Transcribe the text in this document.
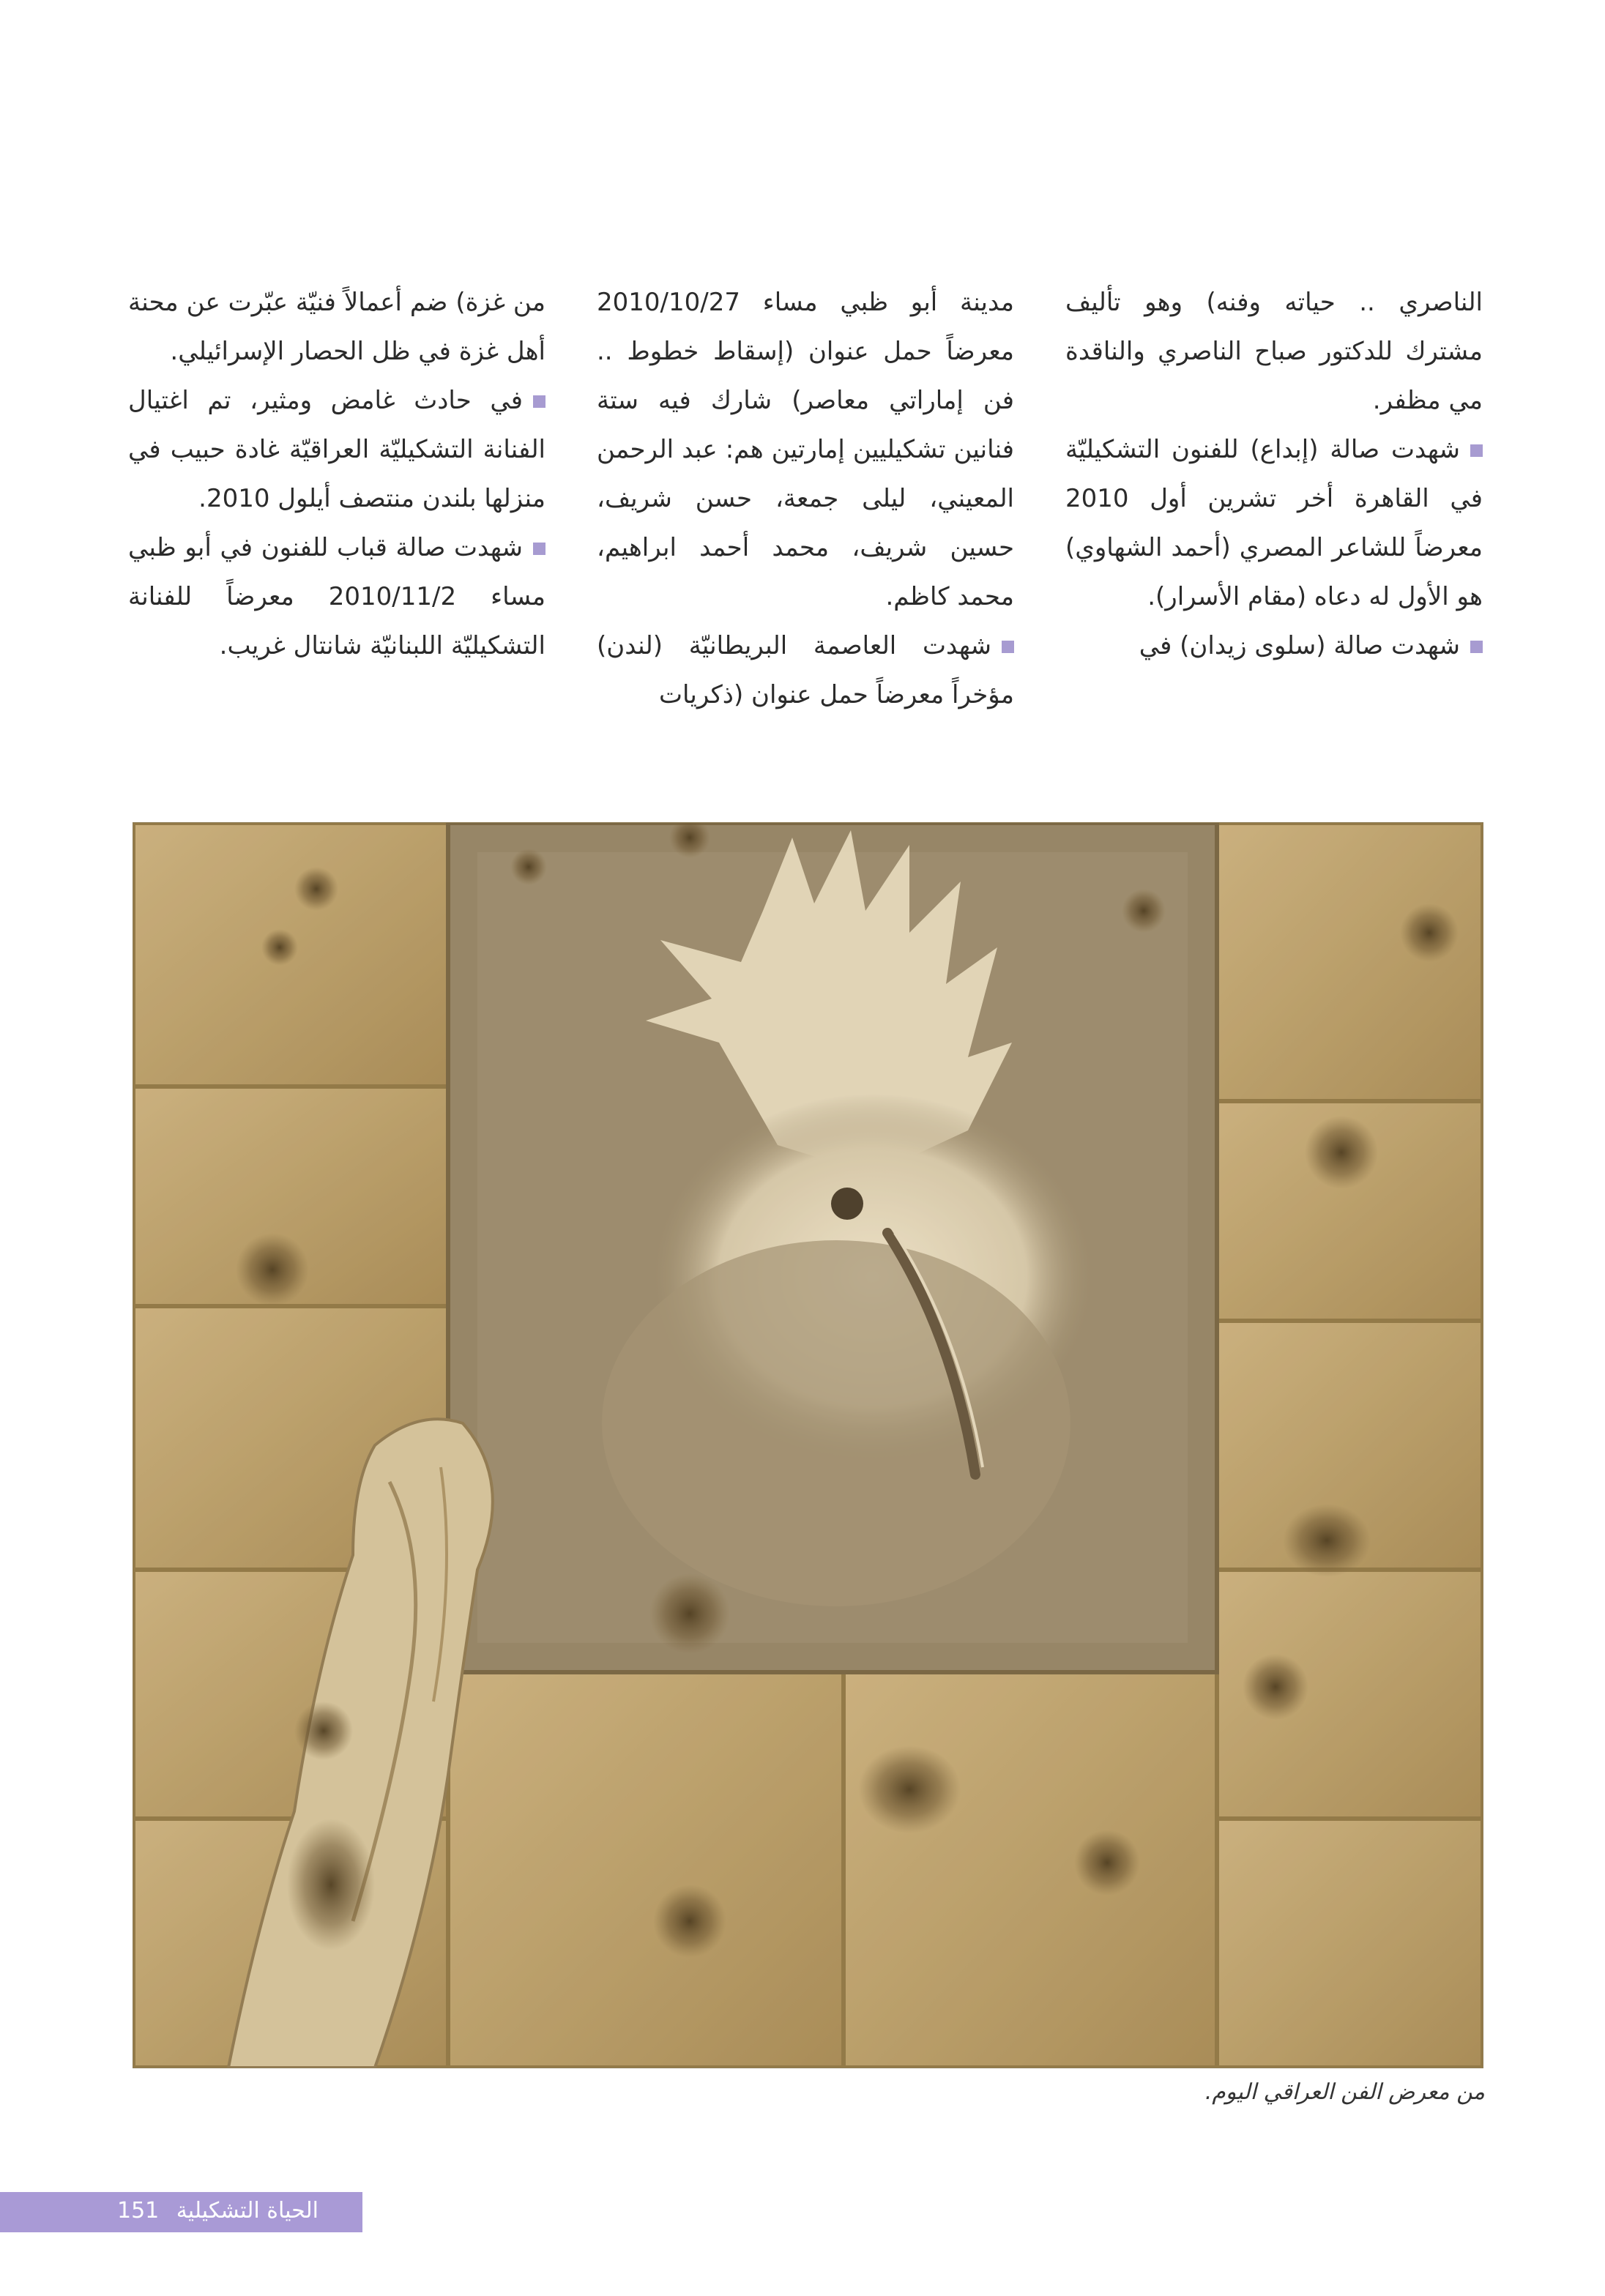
الناصري .. حياته وفنه) وهو تأليف مشترك للدكتور صباح الناصري والناقدة مي مظفر.

شهدت صالة (إبداع) للفنون التشكيليّة في القاهرة أخر تشرين أول 2010 معرضاً للشاعر المصري (أحمد الشهاوي) هو الأول له دعاه (مقام الأسرار).

شهدت صالة (سلوى زيدان) في

مدينة أبو ظبي مساء 2010/10/27 معرضاً حمل عنوان (إسقاط خطوط .. فن إماراتي معاصر) شارك فيه ستة فنانين تشكيليين إمارتين هم: عبد الرحمن المعيني، ليلى جمعة، حسن شريف، حسين شريف، محمد أحمد ابراهيم، محمد كاظم.

شهدت العاصمة البريطانيّة (لندن) مؤخراً معرضاً حمل عنوان (ذكريات

من غزة) ضم أعمالاً فنيّة عبّرت عن محنة أهل غزة في ظل الحصار الإسرائيلي.

في حادث غامض ومثير، تم اغتيال الفنانة التشكيليّة العراقيّة غادة حبيب في منزلها بلندن منتصف أيلول 2010.

شهدت صالة قباب للفنون في أبو ظبي مساء 2010/11/2 معرضاً للفنانة التشكيليّة اللبنانيّة شانتال غريب.

من معرض الفن العراقي اليوم.
151 الحياة التشكيلية
